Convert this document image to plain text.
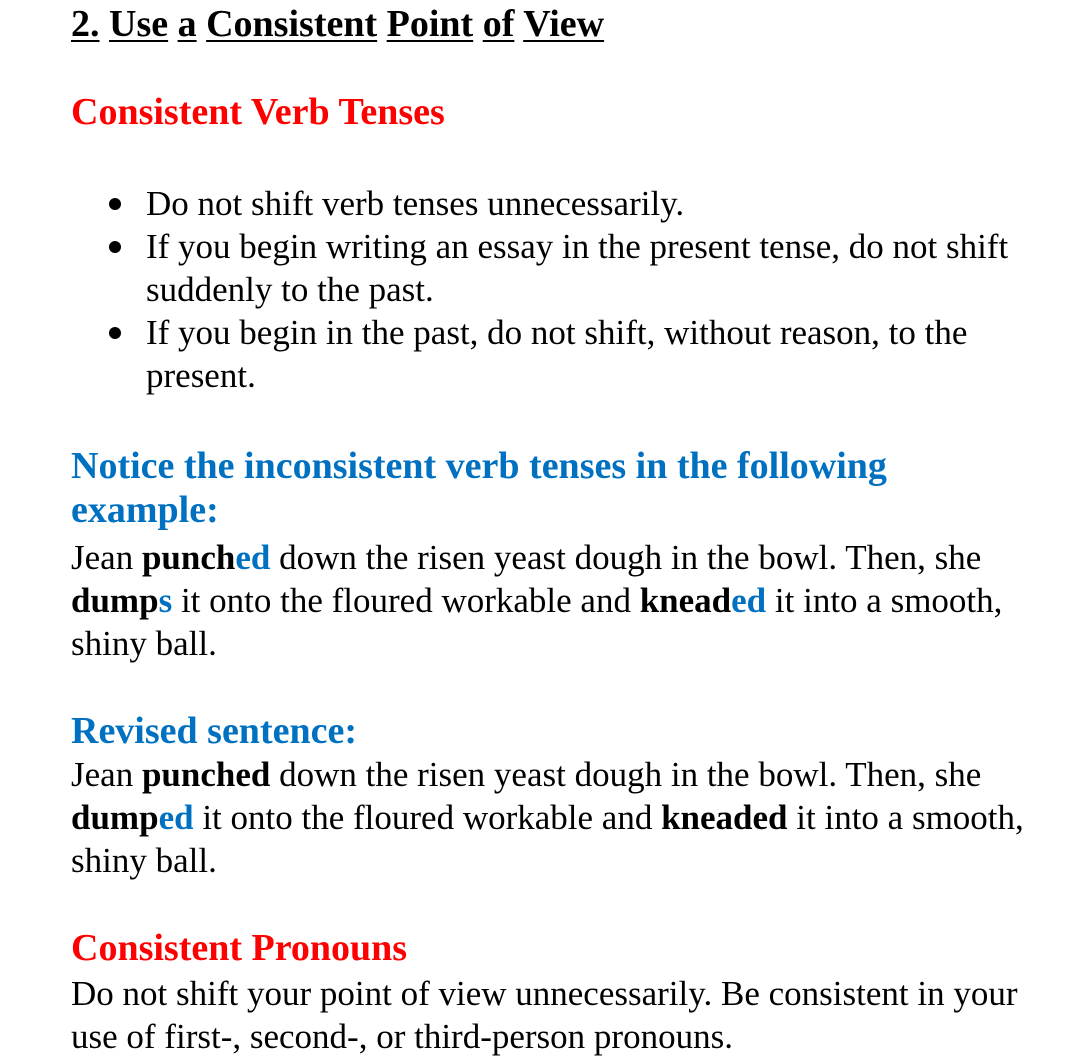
2. Use a Consistent Point of View
Consistent Verb Tenses
Do not shift verb tenses unnecessarily.
If you begin writing an essay in the present tense, do not shift suddenly to the past.
If you begin in the past, do not shift, without reason, to the present.
Notice the inconsistent verb tenses in the following example:
Jean punched down the risen yeast dough in the bowl. Then, she dumps it onto the floured workable and kneaded it into a smooth, shiny ball.
Revised sentence:
Jean punched down the risen yeast dough in the bowl. Then, she dumped it onto the floured workable and kneaded it into a smooth, shiny ball.
Consistent Pronouns
Do not shift your point of view unnecessarily. Be consistent in your use of first-, second-, or third-person pronouns.
